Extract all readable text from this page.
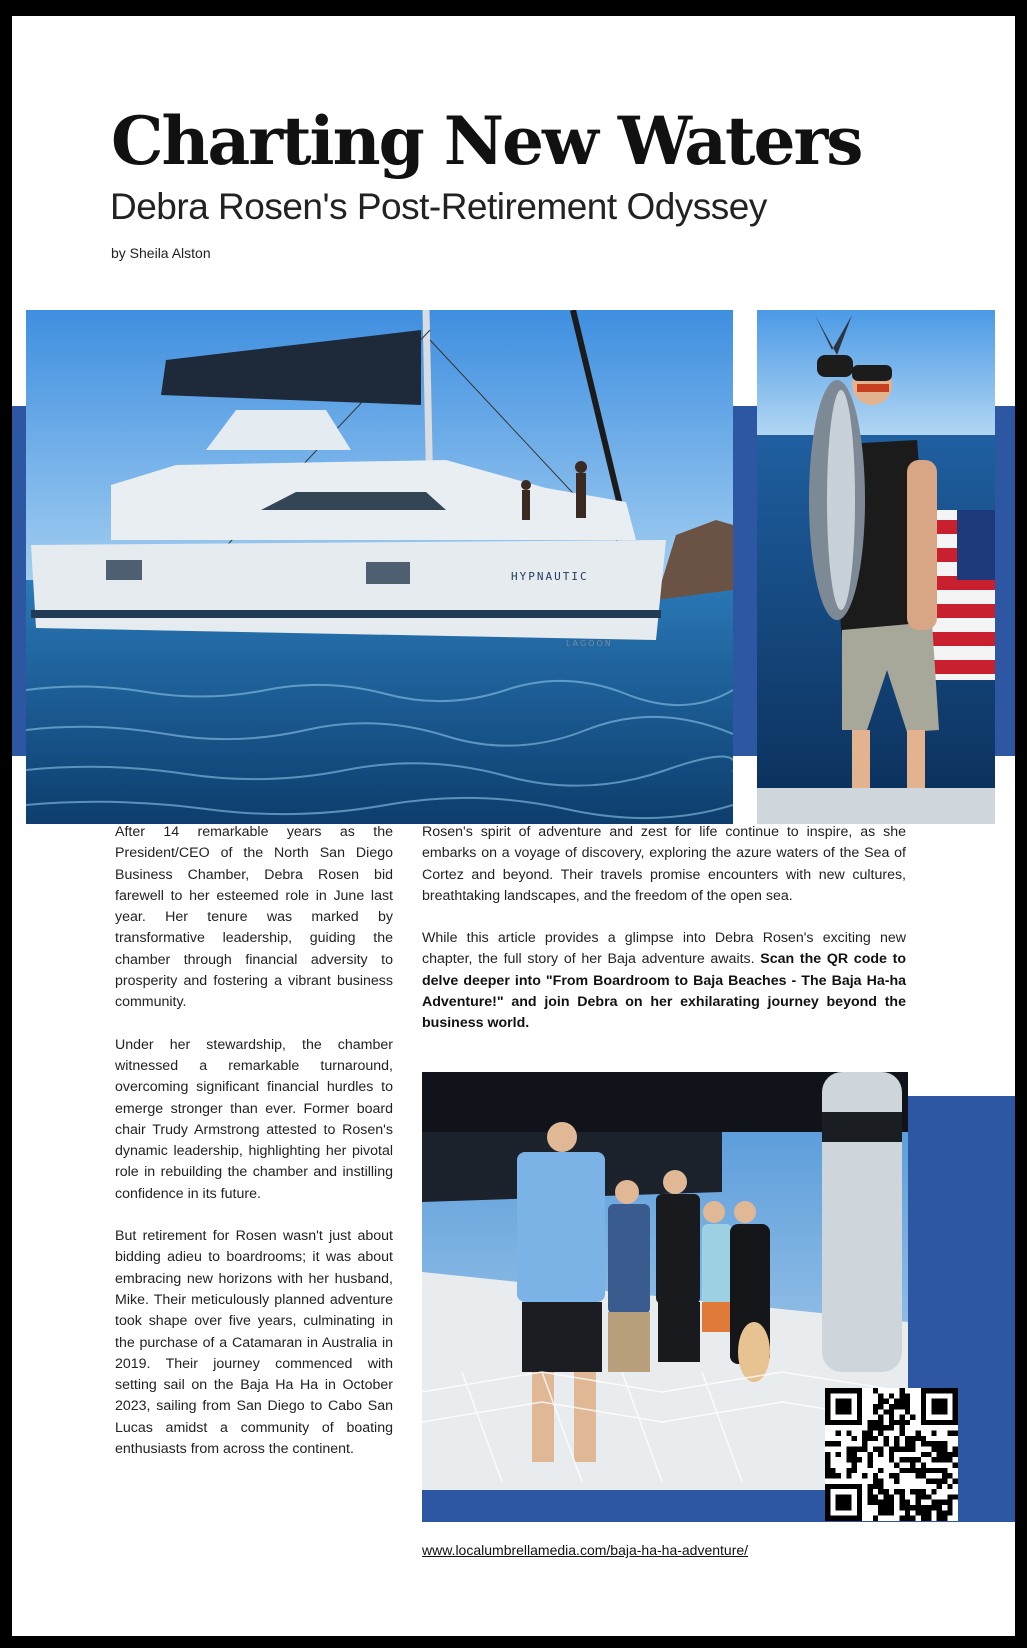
Charting New Waters
Debra Rosen's Post-Retirement Odyssey
by Sheila Alston
HYPNAUTIC
LAGOON

After 14 remarkable years as the President/CEO of the North San Diego Business Chamber, Debra Rosen bid farewell to her esteemed role in June last year. Her tenure was marked by transformative leadership, guiding the chamber through financial adversity to prosperity and fostering a vibrant business community.

Under her stewardship, the chamber witnessed a remarkable turnaround, overcoming significant financial hurdles to emerge stronger than ever. Former board chair Trudy Armstrong attested to Rosen's dynamic leadership, highlighting her pivotal role in rebuilding the chamber and instilling confidence in its future.

But retirement for Rosen wasn't just about bidding adieu to boardrooms; it was about embracing new horizons with her husband, Mike. Their meticulously planned adventure took shape over five years, culminating in the purchase of a Catamaran in Australia in 2019. Their journey commenced with setting sail on the Baja Ha Ha in October 2023, sailing from San Diego to Cabo San Lucas amidst a community of boating enthusiasts from across the continent.

Rosen's spirit of adventure and zest for life continue to inspire, as she embarks on a voyage of discovery, exploring the azure waters of the Sea of Cortez and beyond. Their travels promise encounters with new cultures, breathtaking landscapes, and the freedom of the open sea.

While this article provides a glimpse into Debra Rosen's exciting new chapter, the full story of her Baja adventure awaits. Scan the QR code to delve deeper into "From Boardroom to Baja Beaches - The Baja Ha-ha Adventure!" and join Debra on her exhilarating journey beyond the business world.

www.localumbrellamedia.com/baja-ha-ha-adventure/
